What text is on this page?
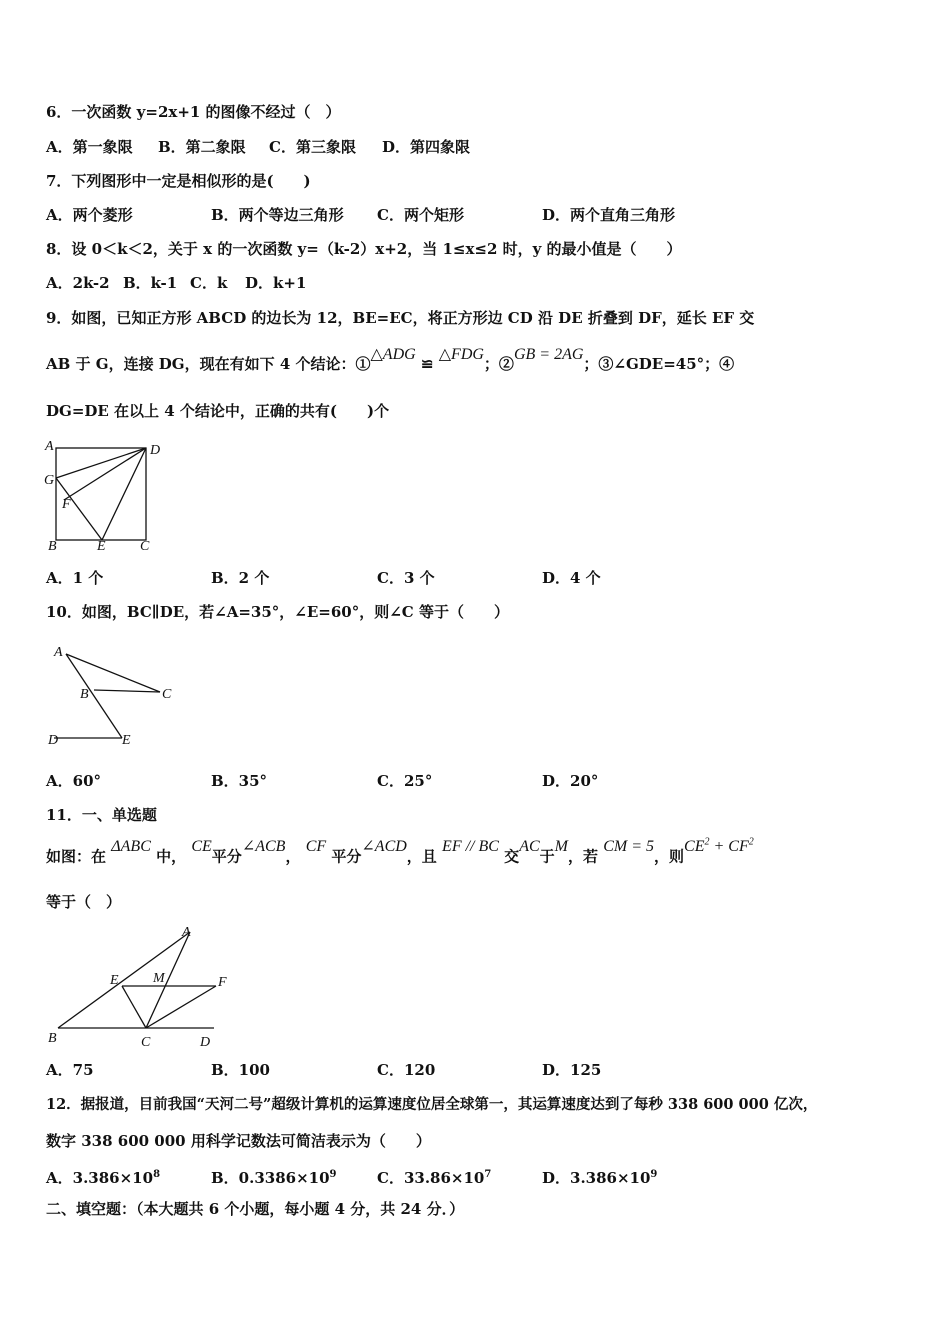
6．一次函数 y=2x+1 的图像不经过（　）
A．第一象限 B．第二象限 C．第三象限 D．第四象限
7．下列图形中一定是相似形的是(　　)
A．两个菱形	B．两个等边三角形 C．两个矩形	D．两个直角三角形
8．设 0＜k＜2，关于 x 的一次函数 y=（k-2）x+2，当 1≤x≤2 时，y 的最小值是（　　）
A．2k-2 B．k-1 C．k D．k+1
9．如图，已知正方形 ABCD 的边长为 12，BE=EC，将正方形边 CD 沿 DE 折叠到 DF，延长 EF 交
AB 于 G，连接 DG，现在有如下 4 个结论：①△ADG ≌ △FDG；②GB = 2AG；③∠GDE=45°；④
DG=DE 在以上 4 个结论中，正确的共有(　　)个
A	D
G
F
B	E C
A．1 个	B．2 个	C．3 个	D．4 个
10．如图，BC∥DE，若∠A=35°，∠E=60°，则∠C 等于（　　）
A
B	C
D	E
A．60°	B．35°	C．25°	D．20°
11．一、单选题
如图：在 ΔABC 中， CE平分∠ACB， CF 平分∠ACD，且 EF // BC 交AC于M，若 CM = 5，则$CE^2 + CF^2$
等于（　）
A
E M	F
B	C	D
A．75	B．100	C．120	D．125
12．据报道，目前我国“天河二号”超级计算机的运算速度位居全球第一，其运算速度达到了每秒 338 600 000 亿次，
数字 338 600 000 用科学记数法可简洁表示为（　　）
A．$3.386\times 10^8$	B．$0.3386\times 10^9$	C．$33.86\times 10^7$	D．$3.386\times 10^9$
二、填空题：（本大题共 6 个小题，每小题 4 分，共 24 分．）
